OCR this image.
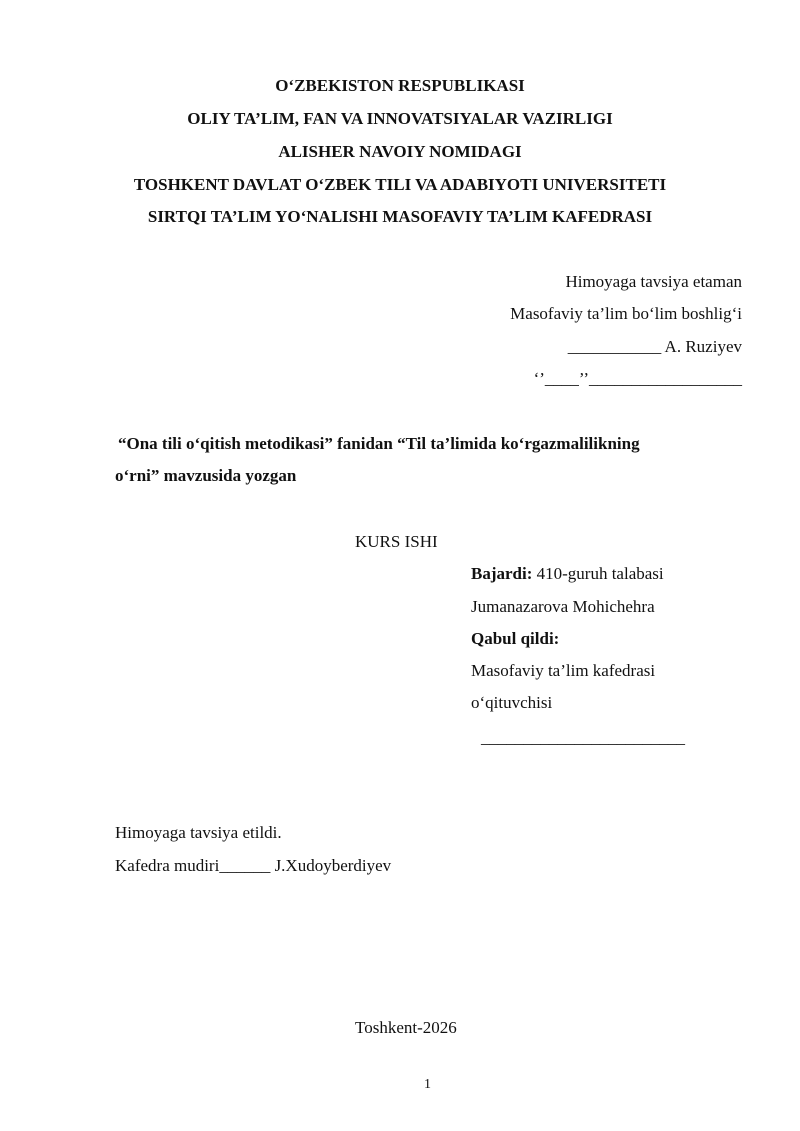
O‘ZBEKISTON RESPUBLIKASI
OLIY TA’LIM, FAN VA INNOVATSIYALAR VAZIRLIGI
ALISHER NAVOIY NOMIDAGI
TOSHKENT DAVLAT O‘ZBEK TILI VA ADABIYOTI UNIVERSITETI
SIRTQI TA’LIM YO‘NALISHI MASOFAVIY TA’LIM KAFEDRASI
Himoyaga tavsiya etaman
Masofaviy ta’lim bo‘lim boshlig‘i
___________ A. Ruziyev
‘’____’’__________________
“Ona tili o‘qitish metodikasi” fanidan “Til ta’limida ko‘rgazmalilikning
o‘rni” mavzusida yozgan
KURS ISHI
Bajardi: 410-guruh talabasi
Jumanazarova Mohichehra
Qabul qildi:
Masofaviy ta’lim kafedrasi
o‘qituvchisi
________________________
Himoyaga tavsiya etildi.
Kafedra mudiri______ J.Xudoyberdiyev
Toshkent-2026
1
